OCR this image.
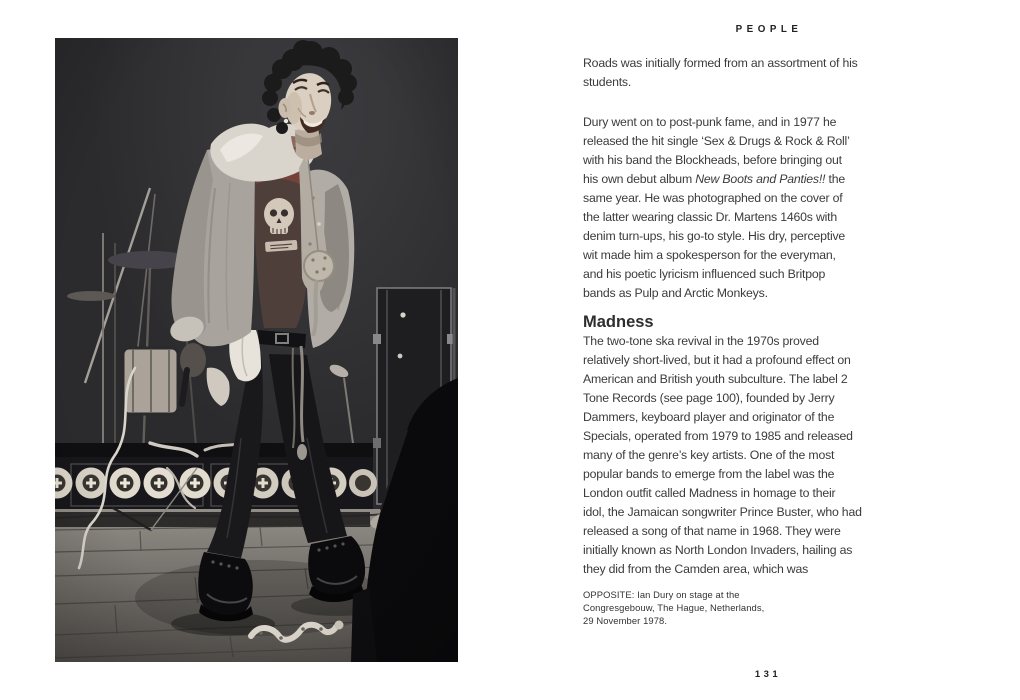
PEOPLE
Roads was initially formed from an assortment of his
students.
Dury went on to post-punk fame, and in 1977 he
released the hit single ‘Sex & Drugs & Rock & Roll’
with his band the Blockheads, before bringing out
his own debut album New Boots and Panties!! the
same year. He was photographed on the cover of
the latter wearing classic Dr. Martens 1460s with
denim turn-ups, his go-to style. His dry, perceptive
wit made him a spokesperson for the everyman,
and his poetic lyricism influenced such Britpop
bands as Pulp and Arctic Monkeys.
Madness
The two-tone ska revival in the 1970s proved
relatively short-lived, but it had a profound effect on
American and British youth subculture. The label 2
Tone Records (see page 100), founded by Jerry
Dammers, keyboard player and originator of the
Specials, operated from 1979 to 1985 and released
many of the genre’s key artists. One of the most
popular bands to emerge from the label was the
London outfit called Madness in homage to their
idol, the Jamaican songwriter Prince Buster, who had
released a song of that name in 1968. They were
initially known as North London Invaders, hailing as
they did from the Camden area, which was
OPPOSITE: Ian Dury on stage at the
Congresgebouw, The Hague, Netherlands,
29 November 1978.
131
